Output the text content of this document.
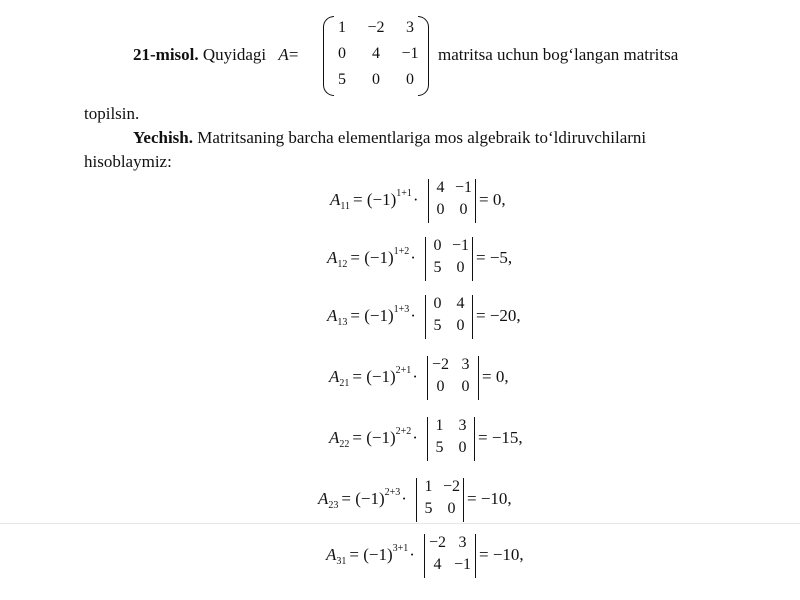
21-misol. Quyidagi A=
1	−2	3
0	4	−1
5	0	0
matritsa uchun bog‘langan matritsa
topilsin.
Yechish. Matritsaning barcha elementlariga mos algebraik to‘ldiruvchilarni
hisoblaymiz:
$A_{11} = (-1)^{1+1}\cdot$
4 −1
0 0
= 0,
$A_{12} = (-1)^{1+2}\cdot$
0 −1
5 0
= −5,
$A_{13} = (-1)^{1+3}\cdot$
0 4
5 0
= −20,
$A_{21} = (-1)^{2+1}\cdot$
−2 3
0	0
= 0,
$A_{22} = (-1)^{2+2}\cdot$
1 3
5 0
= −15,
$A_{23} = (-1)^{2+3}\cdot$
1 −2
5 0
= −10,
$A_{31} = (-1)^{3+1}\cdot$
−2 3
4 −1
= −10,
